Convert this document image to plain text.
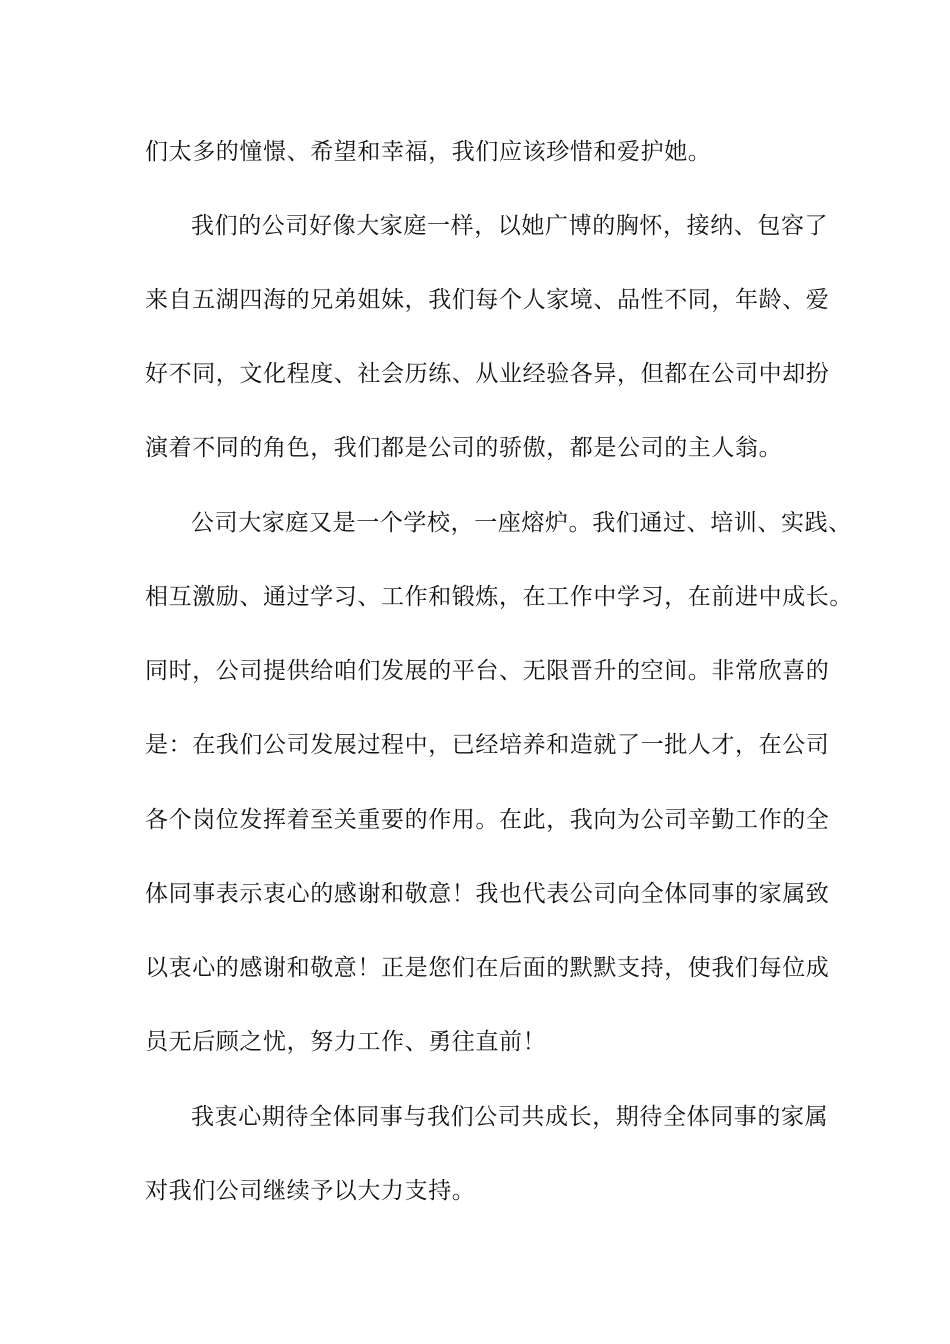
们太多的憧憬、希望和幸福，我们应该珍惜和爱护她。
我们的公司好像大家庭一样，以她广博的胸怀，接纳、包容了
来自五湖四海的兄弟姐妹，我们每个人家境、品性不同，年龄、爱
好不同，文化程度、社会历练、从业经验各异，但都在公司中却扮
演着不同的角色，我们都是公司的骄傲，都是公司的主人翁。
公司大家庭又是一个学校，一座熔炉。我们通过、培训、实践、
相互激励、通过学习、工作和锻炼，在工作中学习，在前进中成长。
同时，公司提供给咱们发展的平台、无限晋升的空间。非常欣喜的
是：在我们公司发展过程中，已经培养和造就了一批人才，在公司
各个岗位发挥着至关重要的作用。在此，我向为公司辛勤工作的全
体同事表示衷心的感谢和敬意！我也代表公司向全体同事的家属致
以衷心的感谢和敬意！正是您们在后面的默默支持，使我们每位成
员无后顾之忧，努力工作、勇往直前！
我衷心期待全体同事与我们公司共成长，期待全体同事的家属
对我们公司继续予以大力支持。
